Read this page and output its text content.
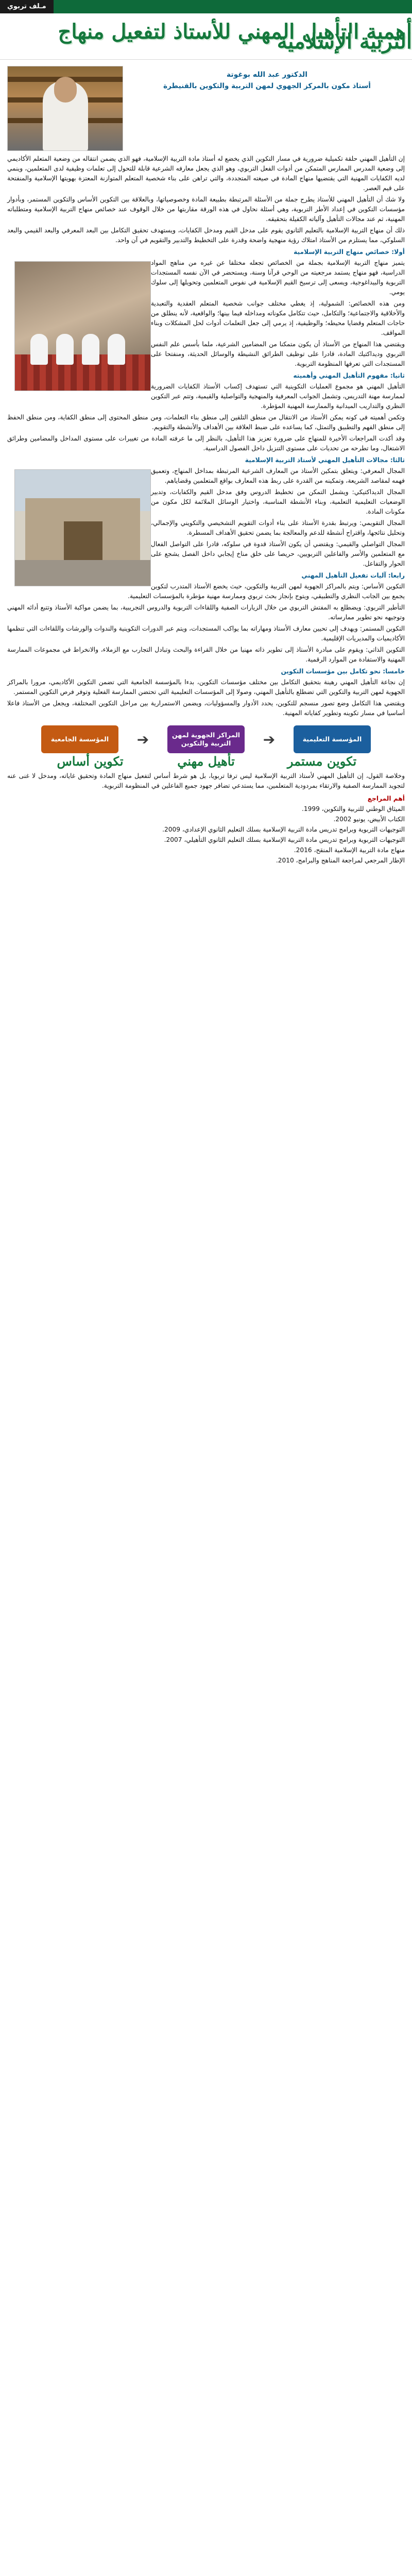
مـلف تربوي
أهمية التأهيل المهني للأستاذ لتفعيل منهاج التربية الإسلامية
الدكتور عبد الله بوغوتة
أستاذ مكون بالمركز الجهوي لمهن التربية والتكوين بالقنيطرة

إن التأهيل المهني حلقة تكميلية ضرورية في مسار التكوين الذي يخضع له أستاذ مادة التربية الإسلامية، فهو الذي يضمن انتقاله من وضعية المتعلم الأكاديمي إلى وضعية المدرس الممارس المتمكن من أدوات الفعل التربوي، وهو الذي يجعل معارفه الشرعية قابلة للتحول إلى تعلمات وظيفية لدى المتعلمين، وينمي لديه الكفايات المهنية التي يقتضيها منهاج المادة في صيغته المتجددة، والتي تراهن على بناء شخصية المتعلم المتوازنة المعتزة بهويتها الإسلامية والمنفتحة على قيم العصر.

ولا شك أن التأهيل المهني للأستاذ يطرح جملة من الأسئلة المرتبطة بطبيعة المادة وخصوصياتها، وبالعلاقة بين التكوين الأساس والتكوين المستمر، وبأدوار مؤسسات التكوين في إعداد الأطر التربوية، وهي أسئلة نحاول في هذه الورقة مقاربتها من خلال الوقوف عند خصائص منهاج التربية الإسلامية ومتطلباته المهنية، ثم عند مجالات التأهيل وآلياته الكفيلة بتحقيقه.

ذلك أن منهاج التربية الإسلامية بالتعليم الثانوي يقوم على مدخل القيم ومدخل الكفايات، ويستهدف تحقيق التكامل بين البعد المعرفي والبعد القيمي والبعد السلوكي، مما يستلزم من الأستاذ امتلاك رؤية منهجية واضحة وقدرة على التخطيط والتدبير والتقويم في آن واحد.

أولا: خصائص منهاج التربية الإسلامية

يتميز منهاج التربية الإسلامية بجملة من الخصائص تجعله مختلفا عن غيره من مناهج المواد الدراسية، فهو منهاج يستمد مرجعيته من الوحي قرآنا وسنة، ويستحضر في الآن نفسه المستجدات التربوية والبيداغوجية، ويسعى إلى ترسيخ القيم الإسلامية في نفوس المتعلمين وتحويلها إلى سلوك يومي.

ومن هذه الخصائص: الشمولية، إذ يغطي مختلف جوانب شخصية المتعلم العقدية والتعبدية والأخلاقية والاجتماعية؛ والتكامل، حيث تتكامل مكوناته ومداخله فيما بينها؛ والواقعية، لأنه ينطلق من حاجات المتعلم وقضايا محيطه؛ والوظيفية، إذ يرمي إلى جعل التعلمات أدوات لحل المشكلات وبناء المواقف.

ويقتضي هذا المنهاج من الأستاذ أن يكون متمكنا من المضامين الشرعية، ملما بأسس علم النفس التربوي وديداكتيك المادة، قادرا على توظيف الطرائق النشيطة والوسائل الحديثة، ومنفتحا على المستجدات التي تعرفها المنظومة التربوية.

ثانيا: مفهوم التأهيل المهني وأهميته

التأهيل المهني هو مجموع العمليات التكوينية التي تستهدف إكساب الأستاذ الكفايات الضرورية لممارسة مهنة التدريس، وتشمل الجوانب المعرفية والمنهجية والتواصلية والقيمية، وتتم عبر التكوين النظري والتداريب الميدانية والممارسة المهنية المؤطرة.

وتكمن أهميته في كونه يمكن الأستاذ من الانتقال من منطق التلقين إلى منطق بناء التعلمات، ومن منطق المحتوى إلى منطق الكفاية، ومن منطق الحفظ إلى منطق الفهم والتطبيق والتمثل، كما يساعده على ضبط العلاقة بين الأهداف والأنشطة والتقويم.

وقد أكدت المراجعات الأخيرة للمنهاج على ضرورة تعزيز هذا التأهيل، بالنظر إلى ما عرفته المادة من تغييرات على مستوى المداخل والمضامين وطرائق الاشتغال، وما تطرحه من تحديات على مستوى التنزيل داخل الفصول الدراسية.

ثالثا: مجالات التأهيل المهني لأستاذ التربية الإسلامية

المجال المعرفي: ويتعلق بتمكين الأستاذ من المعارف الشرعية المرتبطة بمداخل المنهاج، وتعميق فهمه لمقاصد الشريعة، وتمكينه من القدرة على ربط هذه المعارف بواقع المتعلمين وقضاياهم.

المجال الديداكتيكي: ويشمل التمكن من تخطيط الدروس وفق مدخل القيم والكفايات، وتدبير الوضعيات التعليمية التعلمية، وبناء الأنشطة المناسبة، واختيار الوسائل الملائمة لكل مكون من مكونات المادة.

المجال التقويمي: ويرتبط بقدرة الأستاذ على بناء أدوات التقويم التشخيصي والتكويني والإجمالي، وتحليل نتائجها، واقتراح أنشطة للدعم والمعالجة بما يضمن تحقيق الأهداف المسطرة.

المجال التواصلي والقيمي: ويقتضي أن يكون الأستاذ قدوة في سلوكه، قادرا على التواصل الفعال مع المتعلمين والأسر والفاعلين التربويين، حريصا على خلق مناخ إيجابي داخل الفصل يشجع على الحوار والتفاعل.

رابعا: آليات تفعيل التأهيل المهني

التكوين الأساس: ويتم بالمراكز الجهوية لمهن التربية والتكوين، حيث يخضع الأستاذ المتدرب لتكوين يجمع بين الجانب النظري والتطبيقي، ويتوج بإنجاز بحث تربوي وممارسة مهنية مؤطرة بالمؤسسات التعليمية.

التأطير التربوي: ويضطلع به المفتش التربوي من خلال الزيارات الصفية واللقاءات التربوية والدروس التجريبية، بما يضمن مواكبة الأستاذ وتتبع أدائه المهني وتوجيهه نحو تطوير ممارساته.

التكوين المستمر: ويهدف إلى تحيين معارف الأستاذ ومهاراته بما يواكب المستجدات، ويتم عبر الدورات التكوينية والندوات والورشات واللقاءات التي تنظمها الأكاديميات والمديريات الإقليمية.

التكوين الذاتي: ويقوم على مبادرة الأستاذ إلى تطوير ذاته مهنيا من خلال القراءة والبحث وتبادل التجارب مع الزملاء، والانخراط في مجموعات الممارسة المهنية والاستفادة من الموارد الرقمية.

خامسا: نحو تكامل بين مؤسسات التكوين

إن نجاعة التأهيل المهني رهينة بتحقيق التكامل بين مختلف مؤسسات التكوين، بدءا بالمؤسسة الجامعية التي تضمن التكوين الأكاديمي، مرورا بالمراكز الجهوية لمهن التربية والتكوين التي تضطلع بالتأهيل المهني، وصولا إلى المؤسسات التعليمية التي تحتضن الممارسة الفعلية وتوفر فرص التكوين المستمر.

ويقتضي هذا التكامل وضع تصور منسجم للتكوين، يحدد الأدوار والمسؤوليات، ويضمن الاستمرارية بين مراحل التكوين المختلفة، ويجعل من الأستاذ فاعلا أساسيا في مسار تكوينه وتطوير كفاياته المهنية.

المؤسسة الجامعية	➔	المراكز الجهوية لمهن التربية والتكوين	➔	المؤسسة التعليمية
تكوين أساس	تأهيل مهني	تكوين مستمر

وخلاصة القول، إن التأهيل المهني لأستاذ التربية الإسلامية ليس ترفا تربويا، بل هو شرط أساس لتفعيل منهاج المادة وتحقيق غاياته، ومدخل لا غنى عنه لتجويد الممارسة الصفية والارتقاء بمردودية المتعلمين، مما يستدعي تضافر جهود جميع الفاعلين في المنظومة التربوية.

أهم المراجع
الميثاق الوطني للتربية والتكوين، 1999.
الكتاب الأبيض، يونيو 2002.
التوجيهات التربوية وبرامج تدريس مادة التربية الإسلامية بسلك التعليم الثانوي الإعدادي، 2009.
التوجيهات التربوية وبرامج تدريس مادة التربية الإسلامية بسلك التعليم الثانوي التأهيلي، 2007.
منهاج مادة التربية الإسلامية المنقح، 2016.
الإطار المرجعي لمراجعة المناهج والبرامج، 2010.
